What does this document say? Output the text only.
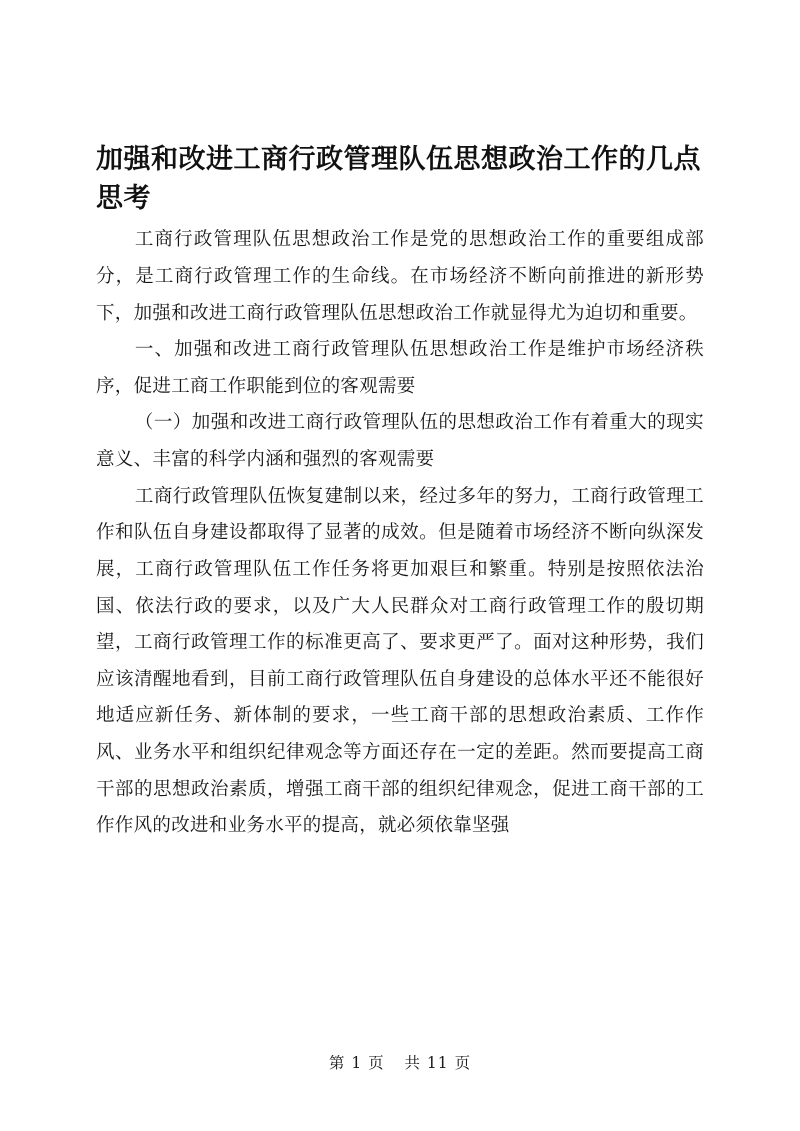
加强和改进工商行政管理队伍思想政治工作的几点思考

工商行政管理队伍思想政治工作是党的思想政治工作的重要组成部分，是工商行政管理工作的生命线。在市场经济不断向前推进的新形势下，加强和改进工商行政管理队伍思想政治工作就显得尤为迫切和重要。

一、加强和改进工商行政管理队伍思想政治工作是维护市场经济秩序，促进工商工作职能到位的客观需要

（一）加强和改进工商行政管理队伍的思想政治工作有着重大的现实意义、丰富的科学内涵和强烈的客观需要

工商行政管理队伍恢复建制以来，经过多年的努力，工商行政管理工作和队伍自身建设都取得了显著的成效。但是随着市场经济不断向纵深发展，工商行政管理队伍工作任务将更加艰巨和繁重。特别是按照依法治国、依法行政的要求，以及广大人民群众对工商行政管理工作的殷切期望，工商行政管理工作的标准更高了、要求更严了。面对这种形势，我们应该清醒地看到，目前工商行政管理队伍自身建设的总体水平还不能很好地适应新任务、新体制的要求，一些工商干部的思想政治素质、工作作风、业务水平和组织纪律观念等方面还存在一定的差距。然而要提高工商干部的思想政治素质，增强工商干部的组织纪律观念，促进工商干部的工作作风的改进和业务水平的提高，就必须依靠坚强

第 1 页 共 11 页
